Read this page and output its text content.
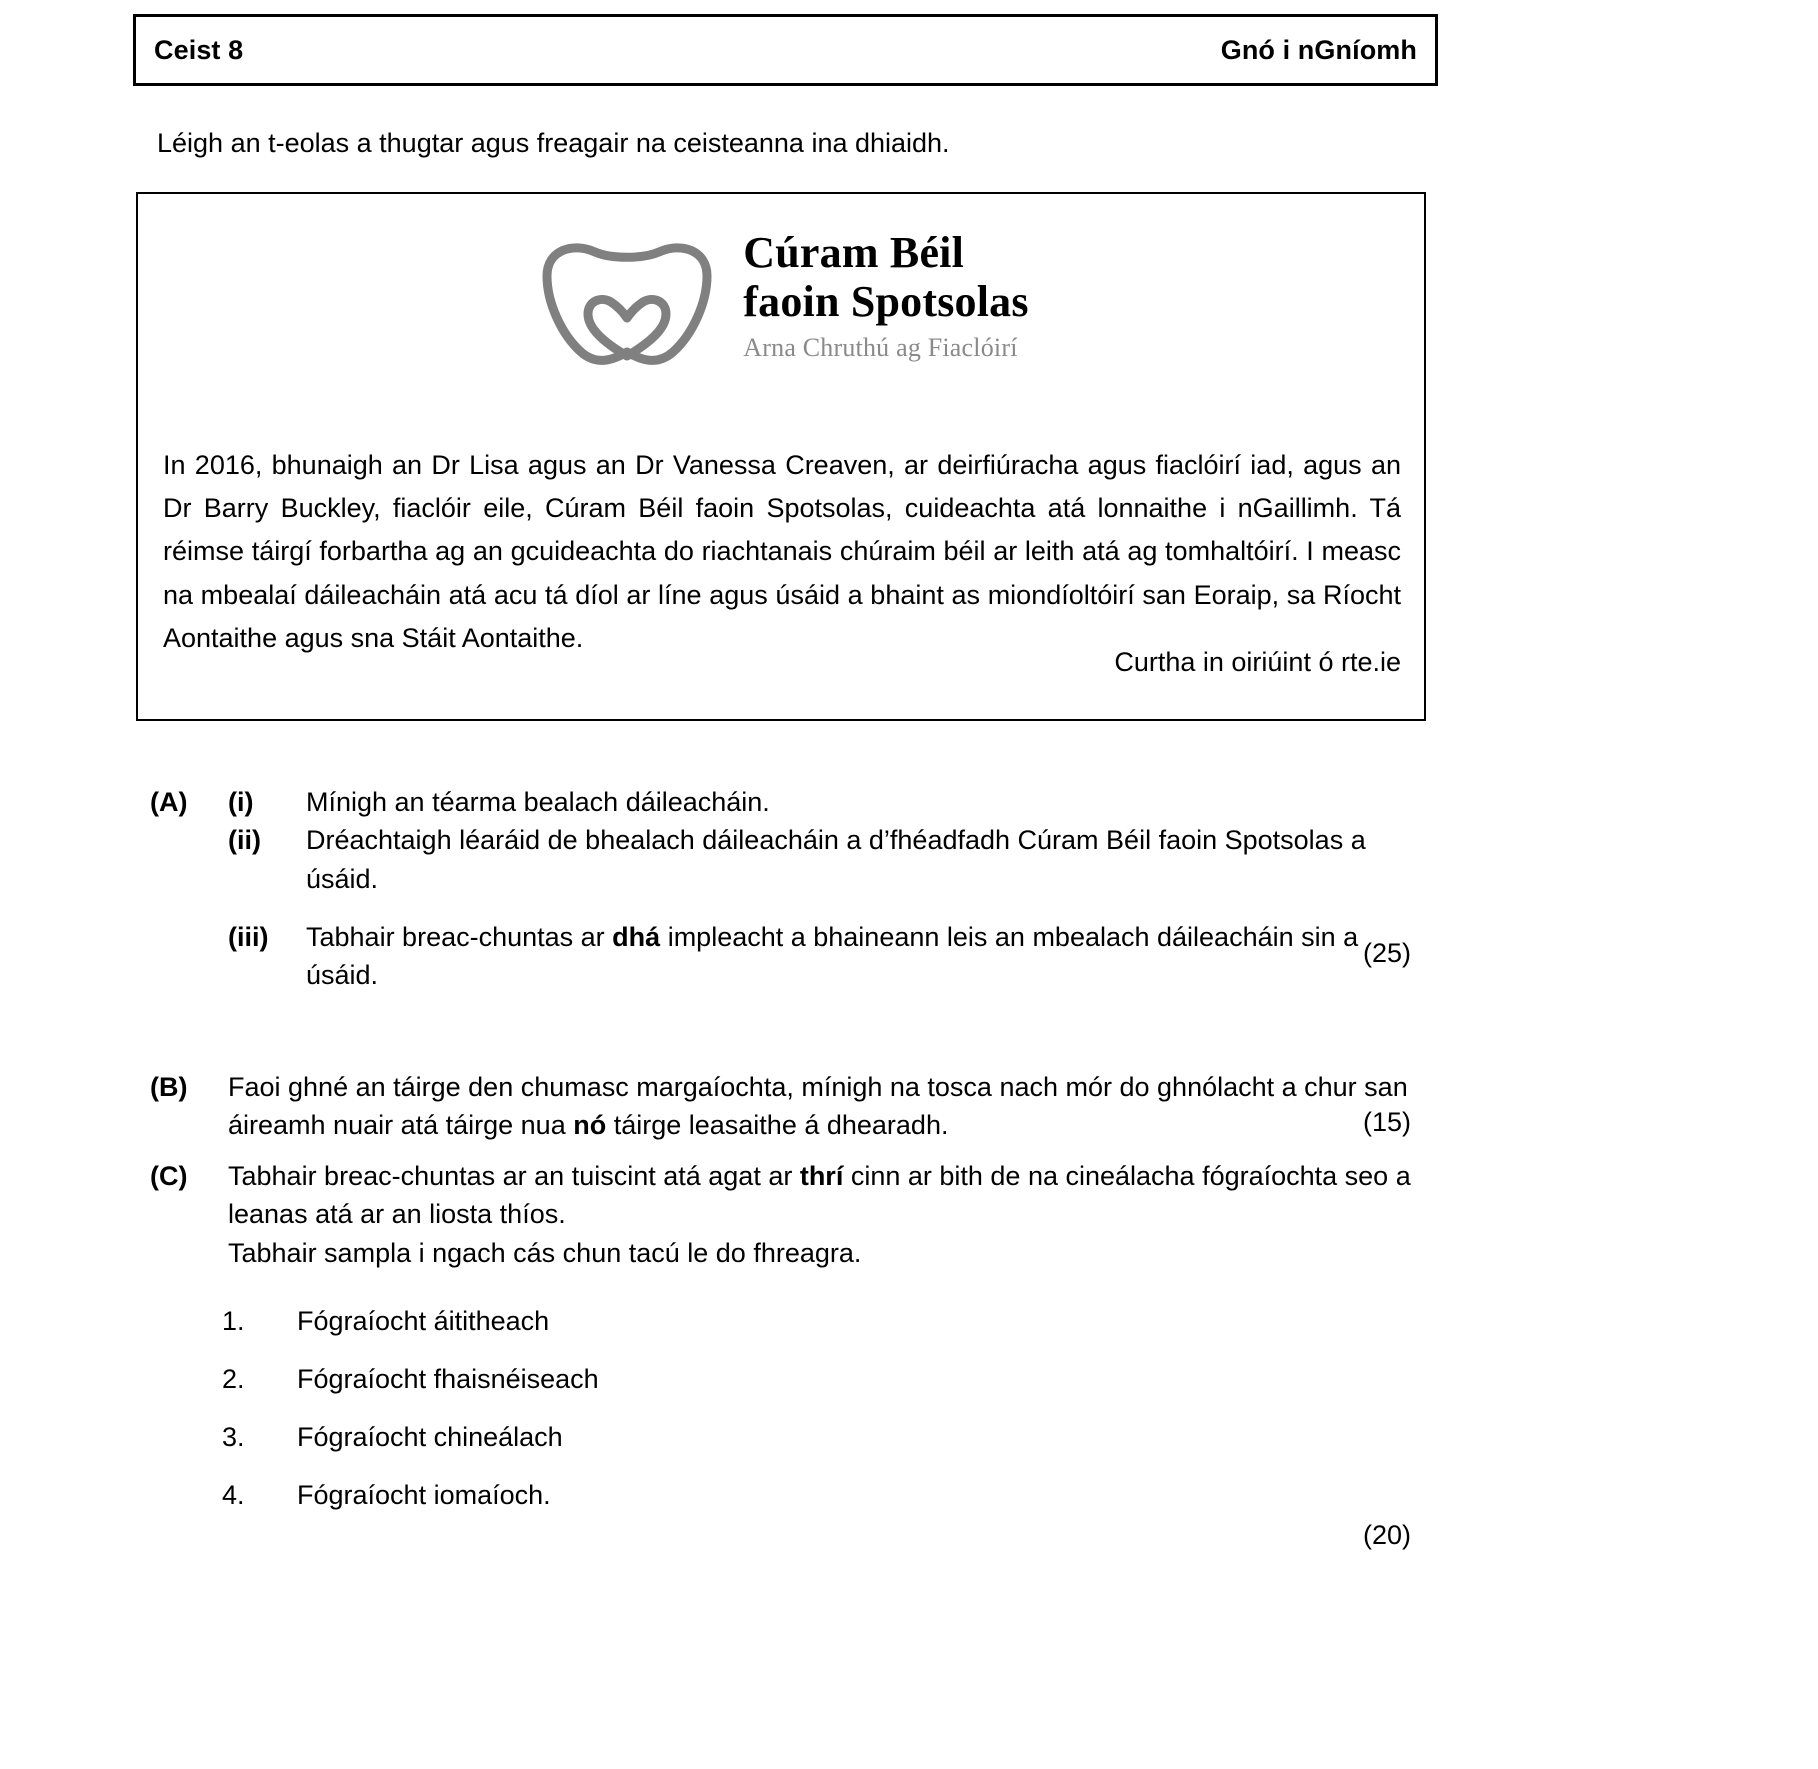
Ceist 8	Gnó i nGníomh
Léigh an t-eolas a thugtar agus freagair na ceisteanna ina dhiaidh.
Cúram Béil
faoin Spotsolas
Arna Chruthú ag Fiaclóirí
In 2016, bhunaigh an Dr Lisa agus an Dr Vanessa Creaven, ar deirfiúracha agus fiaclóirí iad, agus an Dr Barry Buckley, fiaclóir eile, Cúram Béil faoin Spotsolas, cuideachta atá lonnaithe i nGaillimh. Tá réimse táirgí forbartha ag an gcuideachta do riachtanais chúraim béil ar leith atá ag tomhaltóirí. I measc na mbealaí dáileacháin atá acu tá díol ar líne agus úsáid a bhaint as miondíoltóirí san Eoraip, sa Ríocht Aontaithe agus sna Stáit Aontaithe.
Curtha in oiriúint ó rte.ie
(A)	(i)	Mínigh an téarma bealach dáileacháin.
(ii)	Dréachtaigh léaráid de bhealach dáileacháin a d’fhéadfadh Cúram Béil faoin Spotsolas a úsáid.
(iii)	Tabhair breac-chuntas ar dhá impleacht a bhaineann leis an mbealach dáileacháin sin a úsáid.
(25)
(B)	Faoi ghné an táirge den chumasc margaíochta, mínigh na tosca nach mór do ghnólacht a chur san áireamh nuair atá táirge nua nó táirge leasaithe á dhearadh.	(15)
(C)	Tabhair breac-chuntas ar an tuiscint atá agat ar thrí cinn ar bith de na cineálacha fógraíochta seo a leanas atá ar an liosta thíos.
Tabhair sampla i ngach cás chun tacú le do fhreagra.
1.	Fógraíocht áititheach
2.	Fógraíocht fhaisnéiseach
3.	Fógraíocht chineálach
4.	Fógraíocht iomaíoch.
(20)
